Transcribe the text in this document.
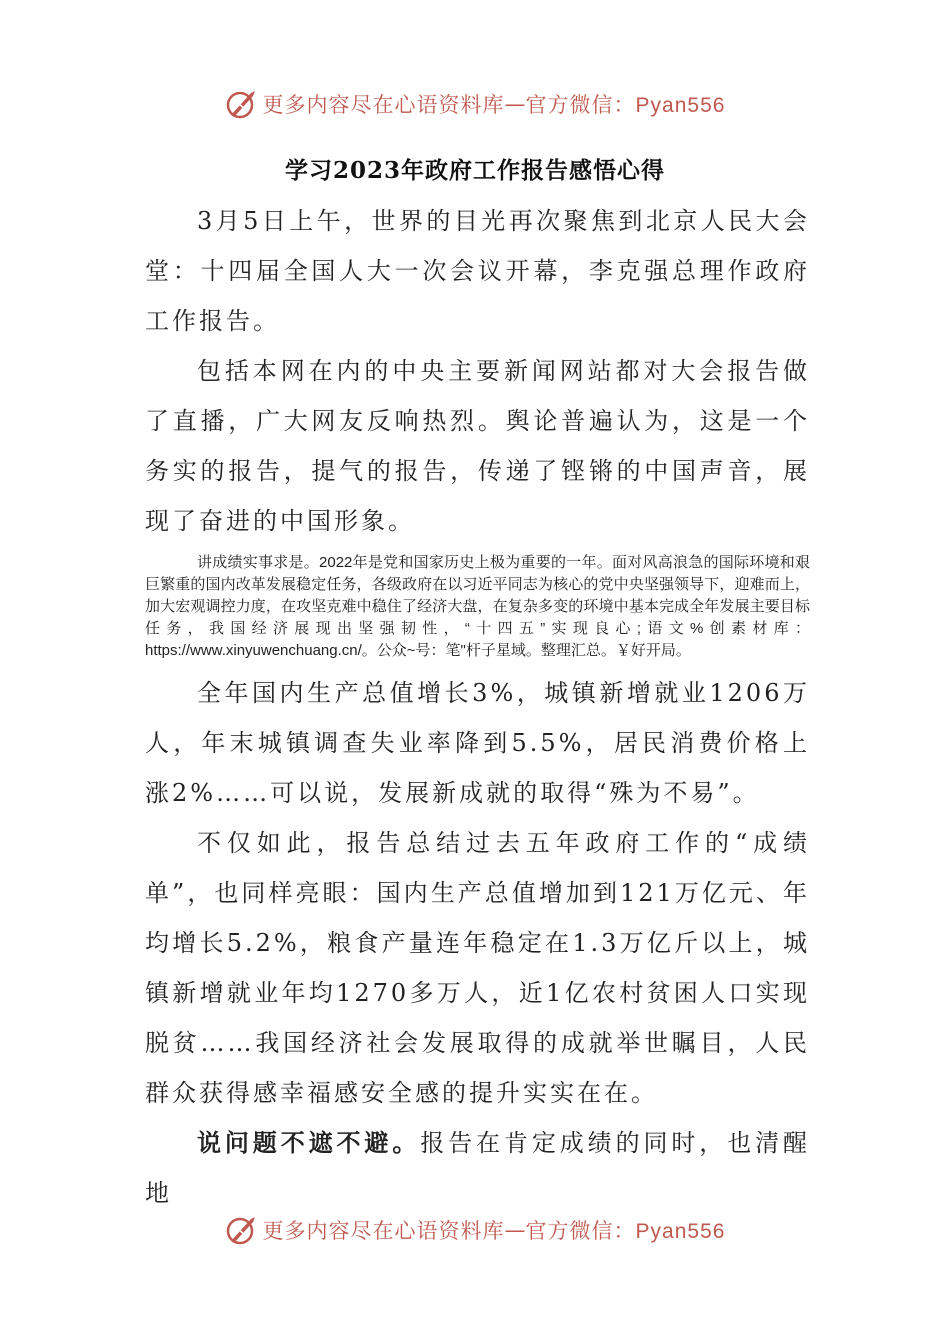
更多内容尽在心语资料库 — 官方微信：Pyan556
学习2023年政府工作报告感悟心得

3月5日上午，世界的目光再次聚焦到北京人民大会堂：十四届全国人大一次会议开幕，李克强总理作政府工作报告。

包括本网在内的中央主要新闻网站都对大会报告做了直播，广大网友反响热烈。舆论普遍认为，这是一个务实的报告，提气的报告，传递了铿锵的中国声音，展现了奋进的中国形象。

讲成绩实事求是。2022年是党和国家历史上极为重要的一年。面对风高浪急的国际环境和艰巨繁重的国内改革发展稳定任务，各级政府在以习近平同志为核心的党中央坚强领导下，迎难而上，加大宏观调控力度，在攻坚克难中稳住了经济大盘，在复杂多变的环境中基本完成全年发展主要目标任务，我国经济展现出坚强韧性，“十四五”实现良心;语文%创素材库：https://www.xinyuwenchuang.cn/。公众~号：笔"杆子星域。整理汇总。￥好开局。

全年国内生产总值增长3%，城镇新增就业1206万人，年末城镇调查失业率降到5.5%，居民消费价格上涨2%……可以说，发展新成就的取得“殊为不易”。

不仅如此，报告总结过去五年政府工作的“成绩单”，也同样亮眼：国内生产总值增加到121万亿元、年均增长5.2%，粮食产量连年稳定在1.3万亿斤以上，城镇新增就业年均1270多万人，近1亿农村贫困人口实现脱贫……我国经济社会发展取得的成就举世瞩目，人民群众获得感幸福感安全感的提升实实在在。

说问题不遮不避。报告在肯定成绩的同时，也清醒地

更多内容尽在心语资料库 — 官方微信：Pyan556
